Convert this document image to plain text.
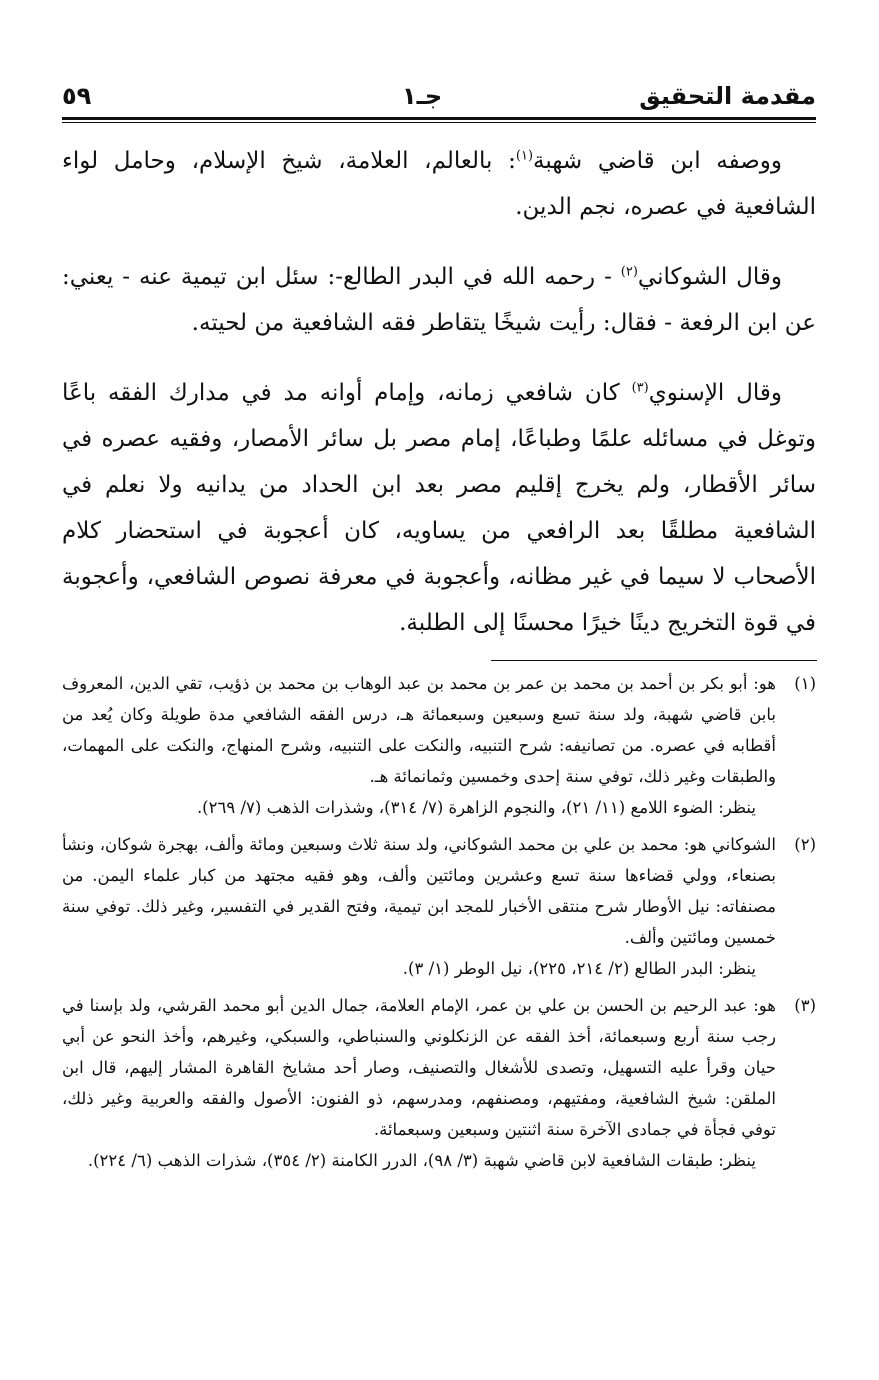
مقدمة التحقيق
جـ١
٥٩

ووصفه ابن قاضي شهبة$^{(١)}$: بالعالم، العلامة، شيخ الإسلام، وحامل لواء الشافعية في عصره، نجم الدين.

وقال الشوكاني$^{(٢)}$ - رحمه الله في البدر الطالع-: سئل ابن تيمية عنه - يعني: عن ابن الرفعة - فقال: رأيت شيخًا يتقاطر فقه الشافعية من لحيته.

وقال الإسنوي$^{(٣)}$ كان شافعي زمانه، وإمام أوانه مد في مدارك الفقه باعًا وتوغل في مسائله علمًا وطباعًا، إمام مصر بل سائر الأمصار، وفقيه عصره في سائر الأقطار، ولم يخرج إقليم مصر بعد ابن الحداد من يدانيه ولا نعلم في الشافعية مطلقًا بعد الرافعي من يساويه، كان أعجوبة في استحضار كلام الأصحاب لا سيما في غير مظانه، وأعجوبة في معرفة نصوص الشافعي، وأعجوبة في قوة التخريج دينًا خيرًا محسنًا إلى الطلبة.

(١)
هو: أبو بكر بن أحمد بن محمد بن عمر بن محمد بن عبد الوهاب بن محمد بن ذؤيب، تقي الدين، المعروف بابن قاضي شهبة، ولد سنة تسع وسبعين وسبعمائة هـ، درس الفقه الشافعي مدة طويلة وكان يُعد من أقطابه في عصره. من تصانيفه: شرح التنبيه، والنكت على التنبيه، وشرح المنهاج، والنكت على المهمات، والطبقات وغير ذلك، توفي سنة إحدى وخمسين وثمانمائة هـ.
ينظر: الضوء اللامع (١١/ ٢١)، والنجوم الزاهرة (٧/ ٣١٤)، وشذرات الذهب (٧/ ٢٦٩).
(٢)
الشوكاني هو: محمد بن علي بن محمد الشوكاني، ولد سنة ثلاث وسبعين ومائة وألف، بهجرة شوكان، ونشأ بصنعاء، وولي قضاءها سنة تسع وعشرين ومائتين وألف، وهو فقيه مجتهد من كبار علماء اليمن. من مصنفاته: نيل الأوطار شرح منتقى الأخبار للمجد ابن تيمية، وفتح القدير في التفسير، وغير ذلك. توفي سنة خمسين ومائتين وألف.
ينظر: البدر الطالع (٢/ ٢١٤، ٢٢٥)، نيل الوطر (١/ ٣).
(٣)
هو: عبد الرحيم بن الحسن بن علي بن عمر، الإمام العلامة، جمال الدين أبو محمد القرشي، ولد بإسنا في رجب سنة أربع وسبعمائة، أخذ الفقه عن الزنكلوني والسنباطي، والسبكي، وغيرهم، وأخذ النحو عن أبي حيان وقرأ عليه التسهيل، وتصدى للأشغال والتصنيف، وصار أحد مشايخ القاهرة المشار إليهم، قال ابن الملقن: شيخ الشافعية، ومفتيهم، ومصنفهم، ومدرسهم، ذو الفنون: الأصول والفقه والعربية وغير ذلك، توفي فجأة في جمادى الآخرة سنة اثنتين وسبعين وسبعمائة.
ينظر: طبقات الشافعية لابن قاضي شهبة (٣/ ٩٨)، الدرر الكامنة (٢/ ٣٥٤)، شذرات الذهب (٦/ ٢٢٤).
